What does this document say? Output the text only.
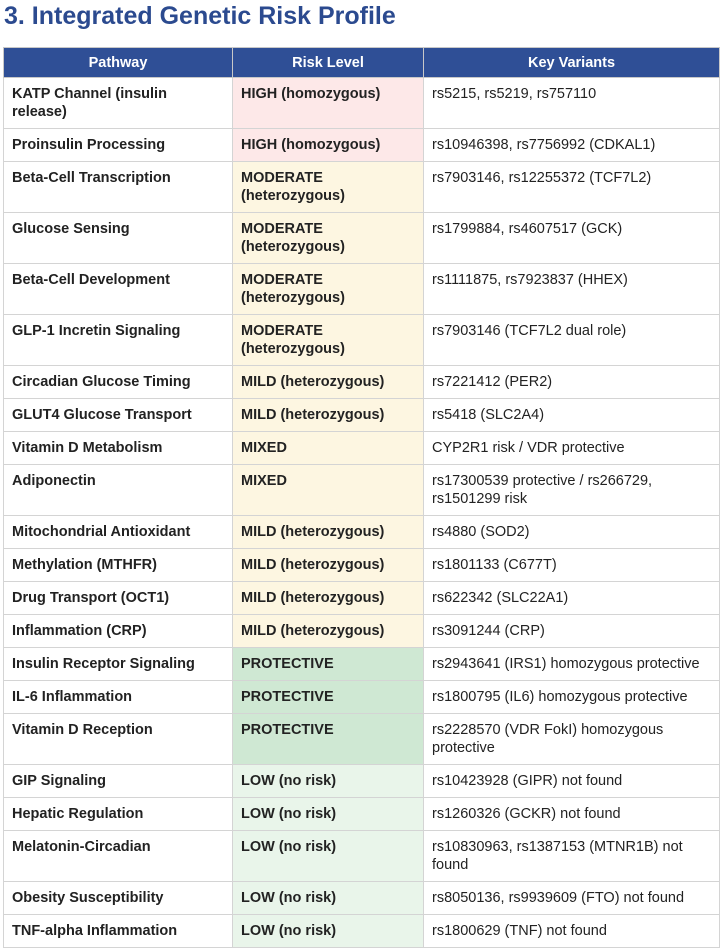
3. Integrated Genetic Risk Profile
Pathway	Risk Level	Key Variants
KATP Channel (insulin release)	HIGH (homozygous)	rs5215, rs5219, rs757110
Proinsulin Processing	HIGH (homozygous)	rs10946398, rs7756992 (CDKAL1)
Beta-Cell Transcription	MODERATE (heterozygous)	rs7903146, rs12255372 (TCF7L2)
Glucose Sensing	MODERATE (heterozygous)	rs1799884, rs4607517 (GCK)
Beta-Cell Development	MODERATE (heterozygous)	rs1111875, rs7923837 (HHEX)
GLP-1 Incretin Signaling	MODERATE (heterozygous)	rs7903146 (TCF7L2 dual role)
Circadian Glucose Timing	MILD (heterozygous)	rs7221412 (PER2)
GLUT4 Glucose Transport	MILD (heterozygous)	rs5418 (SLC2A4)
Vitamin D Metabolism	MIXED	CYP2R1 risk / VDR protective
Adiponectin	MIXED	rs17300539 protective / rs266729, rs1501299 risk
Mitochondrial Antioxidant	MILD (heterozygous)	rs4880 (SOD2)
Methylation (MTHFR)	MILD (heterozygous)	rs1801133 (C677T)
Drug Transport (OCT1)	MILD (heterozygous)	rs622342 (SLC22A1)
Inflammation (CRP)	MILD (heterozygous)	rs3091244 (CRP)
Insulin Receptor Signaling	PROTECTIVE	rs2943641 (IRS1) homozygous protective
IL-6 Inflammation	PROTECTIVE	rs1800795 (IL6) homozygous protective
Vitamin D Reception	PROTECTIVE	rs2228570 (VDR FokI) homozygous protective
GIP Signaling	LOW (no risk)	rs10423928 (GIPR) not found
Hepatic Regulation	LOW (no risk)	rs1260326 (GCKR) not found
Melatonin-Circadian	LOW (no risk)	rs10830963, rs1387153 (MTNR1B) not found
Obesity Susceptibility	LOW (no risk)	rs8050136, rs9939609 (FTO) not found
TNF-alpha Inflammation	LOW (no risk)	rs1800629 (TNF) not found
